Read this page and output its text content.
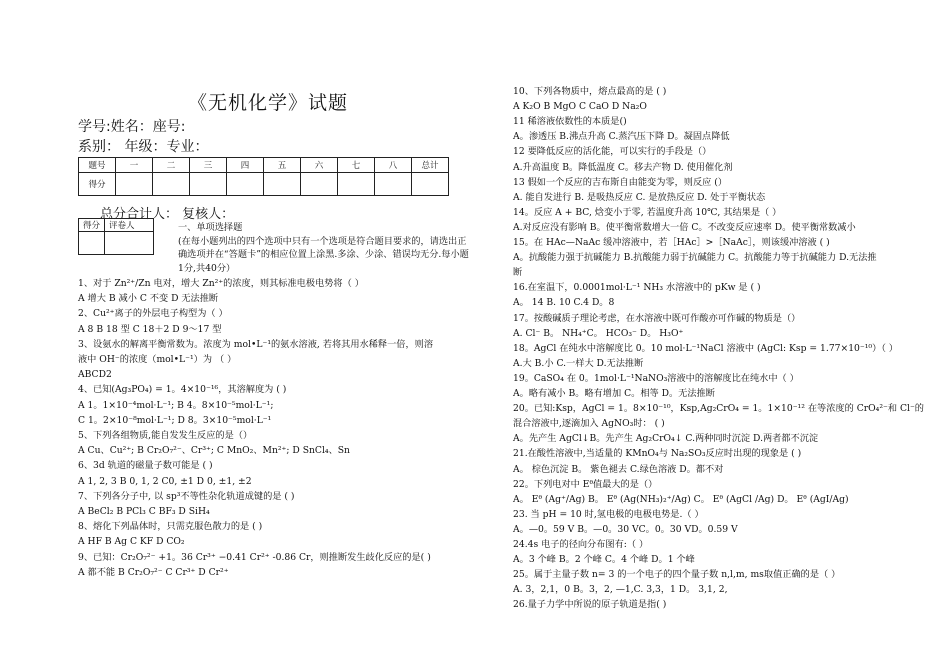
《无机化学》试题
学号:姓名：座号:
系别： 年级：专业：
题号	一	二	三	四	五	六	七	八	总计
得分									
总分合计人： 复核人：
得分	评卷人
		一、单项选择题
(在每小题列出的四个选项中只有一个选项是符合题目要求的，请选出正确选项并在“答题卡”的相应位置上涂黑.多涂、少涂、错误均无分.每小题1分,共40分）
1、对于 Zn²⁺/Zn 电对，增大 Zn²⁺的浓度，则其标准电极电势将（ ）
A 增大 B 减小 C 不变 D 无法推断
2、Cu²⁺离子的外层电子构型为（ ）
A 8 B 18 型 C 18＋2 D 9～17 型
3、设氨水的解离平衡常数为。浓度为 mol•L⁻¹的氨水溶液, 若将其用水稀释一倍，则溶
液中 OH⁻的浓度（mol•L⁻¹）为 （ ）
ABCD2
4、已知(Ag₃PO₄) = 1。4×10⁻¹⁶，其溶解度为 ( )
A 1。1×10⁻⁴mol·L⁻¹; B 4。8×10⁻⁵mol·L⁻¹;
C 1。2×10⁻⁸mol·L⁻¹; D 8。3×10⁻⁵mol·L⁻¹
5、下列各组物质,能自发发生反应的是（）
A Cu、Cu²⁺; B Cr₂O₇²⁻、Cr³⁺; C MnO₂、Mn²⁺; D SnCl₄、Sn
6、3d 轨道的磁量子数可能是 ( )
A 1, 2, 3 B 0, 1, 2 C0, ±1 D 0, ±1, ±2
7、下列各分子中, 以 sp³不等性杂化轨道成键的是 ( )
A BeCl₂ B PCl₃ C BF₃ D SiH₄
8、熔化下列晶体时，只需克服色散力的是 ( )
A HF B Ag C KF D CO₂
9、已知：Cr₂O₇²⁻ +1。36 Cr³⁺ −0.41 Cr²⁺ -0.86 Cr，则推断发生歧化反应的是( )
A 都不能 B Cr₂O₇²⁻ C Cr³⁺ D Cr²⁺
10、下列各物质中，熔点最高的是 ( )
A K₂O B MgO C CaO D Na₂O
11 稀溶液依数性的本质是()
A。渗透压 B.沸点升高 C.蒸汽压下降 D。凝固点降低
12 要降低反应的活化能，可以实行的手段是（）
A.升高温度 B。降低温度 C。移去产物 D. 使用催化剂
13 假如一个反应的吉布斯自由能变为零，则反应 (）
A. 能自发进行 B. 是吸热反应 C. 是放热反应 D. 处于平衡状态
14。反应 A + BC, 焓变小于零, 若温度升高 10℃, 其结果是（ ）
A.对反应没有影响 B。使平衡常数增大一倍 C。不改变反应速率 D。使平衡常数减小
15。在 HAc—NaAc 缓冲溶液中，若［HAc］>［NaAc］，则该缓冲溶液 ( )
A。抗酸能力强于抗碱能力 B.抗酸能力弱于抗碱能力 C。抗酸能力等于抗碱能力 D.无法推
断
16.在室温下，0.0001mol·L⁻¹ NH₃ 水溶液中的 pKw 是 ( )
A。 14 B. 10 C.4 D。8
17。按酸碱质子理论考虑，在水溶液中既可作酸亦可作碱的物质是（）
A. Cl⁻ B。 NH₄⁺C。 HCO₃⁻ D。 H₃O⁺
18。AgCl 在纯水中溶解度比 0。10 mol·L⁻¹NaCl 溶液中 (AgCl: Ksp = 1.77×10⁻¹⁰）（ ）
A.大 B.小 C.一样大 D.无法推断
19。CaSO₄ 在 0。1mol·L⁻¹NaNO₃溶液中的溶解度比在纯水中（ ）
A。略有减小 B。略有增加 C。相等 D。无法推断
20。已知:Ksp，AgCl = 1。8×10⁻¹⁰，Ksp,Ag₂CrO₄ = 1。1×10⁻¹² 在等浓度的 CrO₄²⁻和 Cl⁻的
混合溶液中,逐滴加入 AgNO₃时： ( )
A。先产生 AgCl↓B。先产生 Ag₂CrO₄↓ C.两种同时沉淀 D.两者都不沉淀
21.在酸性溶液中,当适量的 KMnO₄与 Na₂SO₃反应时出现的现象是 ( )
A。 棕色沉淀 B。 紫色褪去 C.绿色溶液 D。都不对
22。下列电对中 Eᶿ值最大的是（）
A。 Eᶿ (Ag⁺/Ag) B。 Eᶿ (Ag(NH₃)₂⁺/Ag) C。 Eᶿ (AgCl /Ag) D。 Eᶿ (AgI/Ag)
23. 当 pH = 10 时,氢电极的电极电势是.（ ）
A。—0。59 V B。—0。30 VC。0。30 VD。0.59 V
24.4s 电子的径向分布图有:（ ）
A。3 个峰 B。2 个峰 C。4 个峰 D。1 个峰
25。属于主量子数 n= 3 的一个电子的四个量子数 n,l,m, ms取值正确的是（ ）
A. 3，2,1，0 B。3，2, —1,C. 3,3，1 D。 3,1, 2,
26.量子力学中所说的原子轨道是指( )
